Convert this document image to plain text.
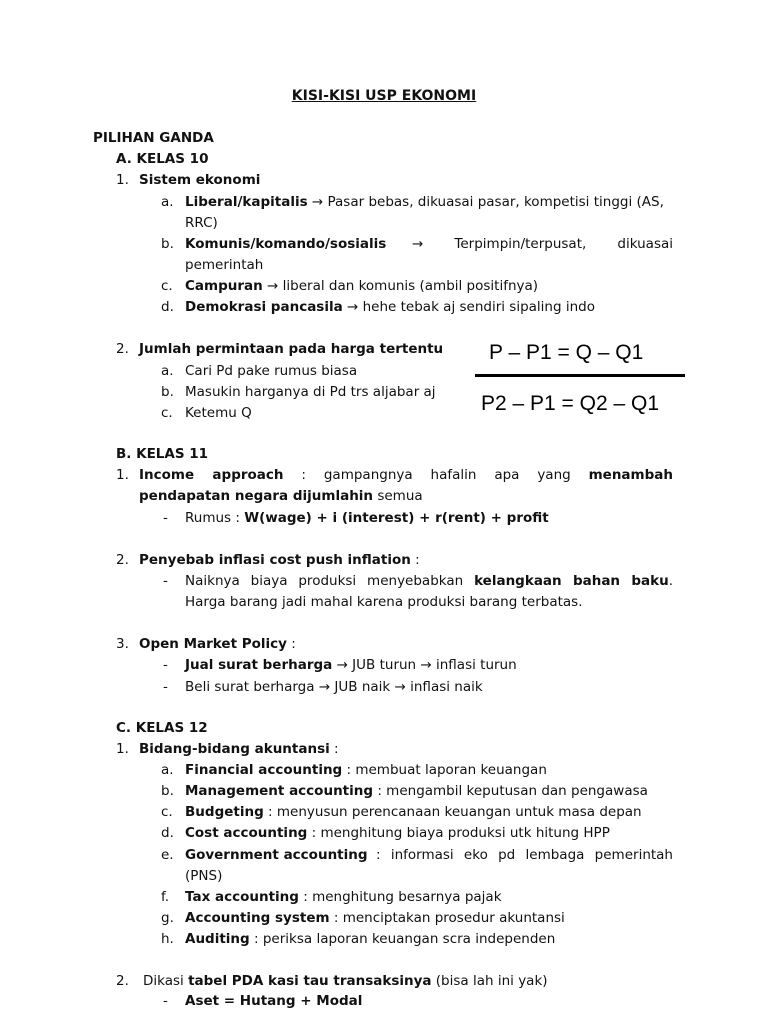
KISI-KISI USP EKONOMI
PILIHAN GANDA
A. KELAS 10
1. Sistem ekonomi
a. Liberal/kapitalis → Pasar bebas, dikuasai pasar, kompetisi tinggi (AS,
RRC)
b. Komunis/komando/sosialis → Terpimpin/terpusat, dikuasai
pemerintah
c. Campuran → liberal dan komunis (ambil positifnya)
d. Demokrasi pancasila → hehe tebak aj sendiri sipaling indo
2. Jumlah permintaan pada harga tertentu
a. Cari Pd pake rumus biasa
b. Masukin harganya di Pd trs aljabar aj
c. Ketemu Q
P – P1 = Q – Q1
P2 – P1 = Q2 – Q1
B. KELAS 11
1. Income approach : gampangnya hafalin apa yang menambah
pendapatan negara dijumlahin semua
- Rumus : W(wage) + i (interest) + r(rent) + profit
2. Penyebab inflasi cost push inflation :
- Naiknya biaya produksi menyebabkan kelangkaan bahan baku.
Harga barang jadi mahal karena produksi barang terbatas.
3. Open Market Policy :
- Jual surat berharga → JUB turun → inflasi turun
- Beli surat berharga → JUB naik → inflasi naik
C. KELAS 12
1. Bidang-bidang akuntansi :
a. Financial accounting : membuat laporan keuangan
b. Management accounting : mengambil keputusan dan pengawasa
c. Budgeting : menyusun perencanaan keuangan untuk masa depan
d. Cost accounting : menghitung biaya produksi utk hitung HPP
e. Government accounting : informasi eko pd lembaga pemerintah
(PNS)
f. Tax accounting : menghitung besarnya pajak
g. Accounting system : menciptakan prosedur akuntansi
h. Auditing : periksa laporan keuangan scra independen
2. Dikasi tabel PDA kasi tau transaksinya (bisa lah ini yak)
- Aset = Hutang + Modal
